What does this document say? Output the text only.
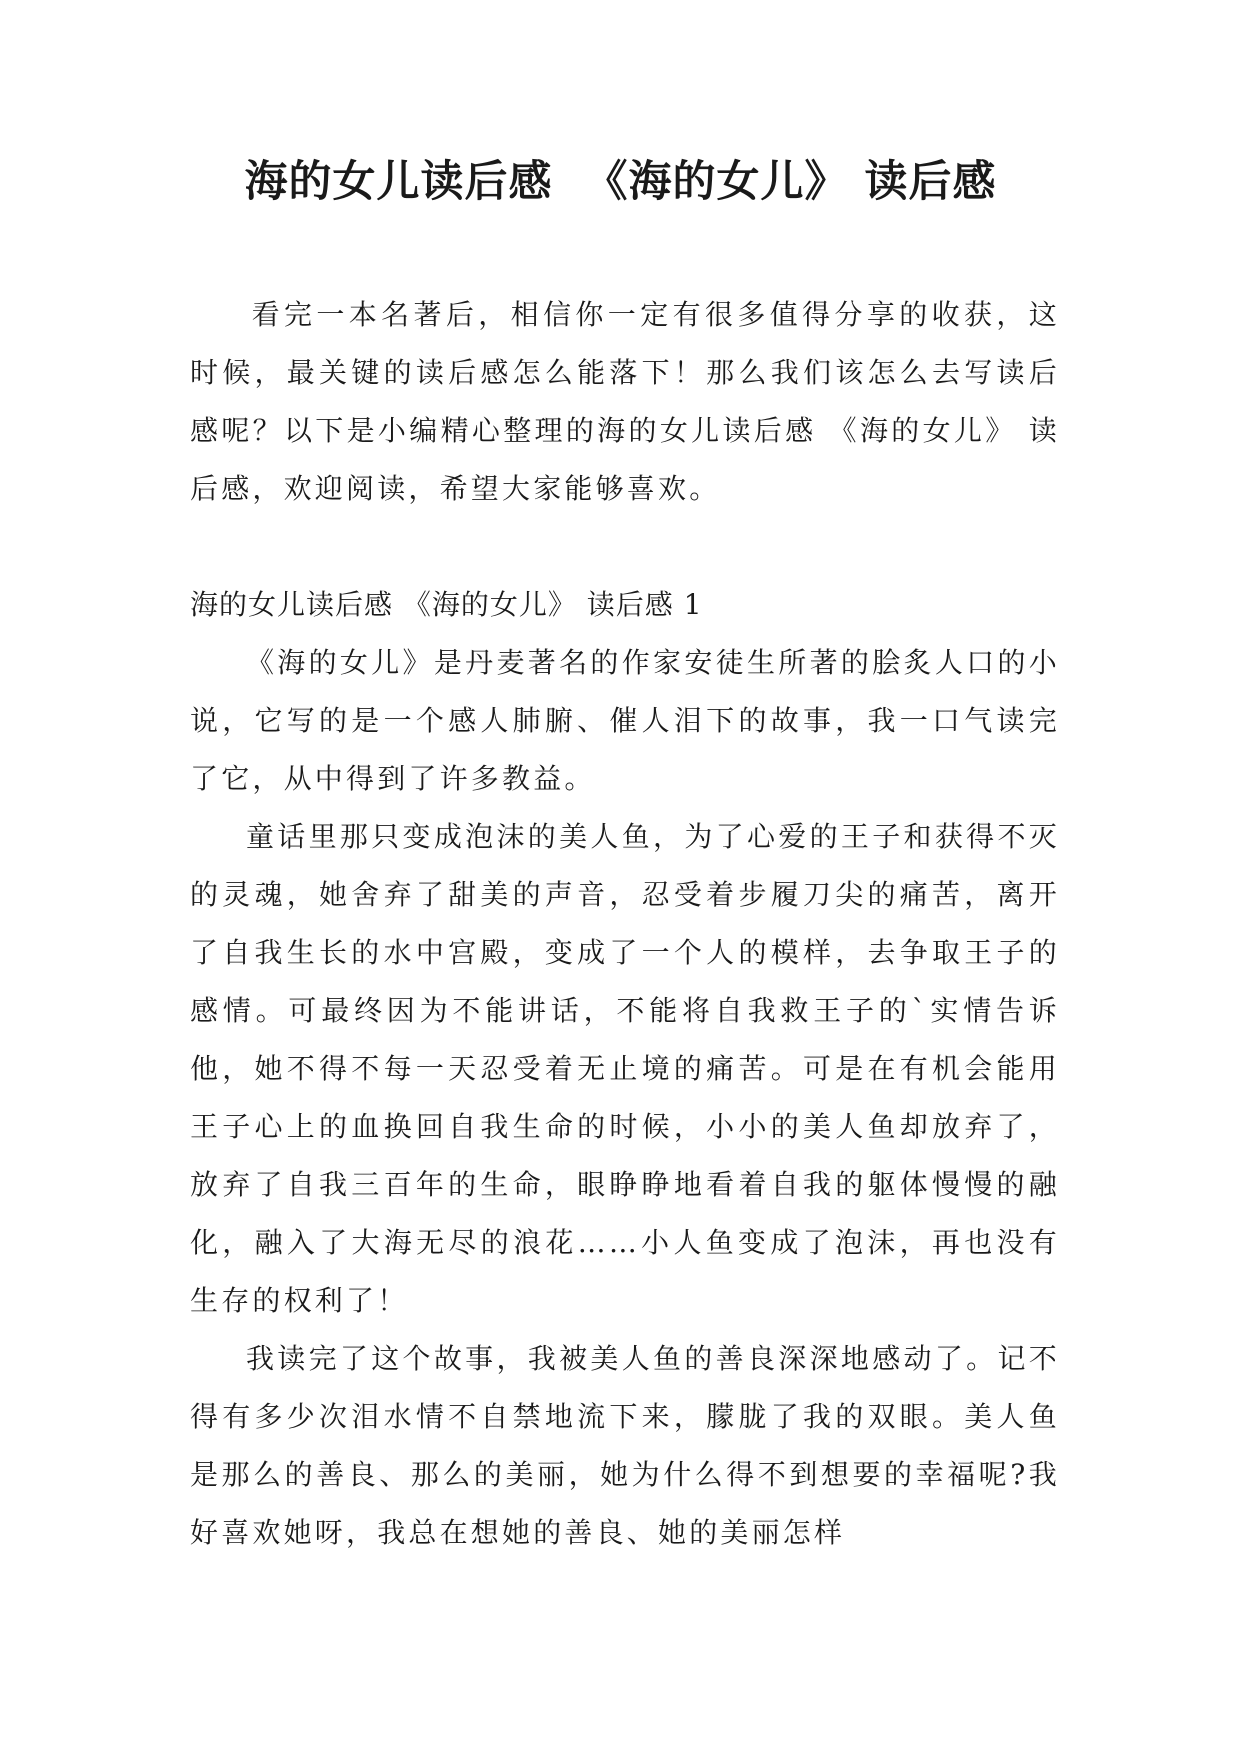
海的女儿读后感  《海的女儿》 读后感

看完一本名著后，相信你一定有很多值得分享的收获，这时候，最关键的读后感怎么能落下！那么我们该怎么去写读后感呢？以下是小编精心整理的海的女儿读后感 《海的女儿》 读后感，欢迎阅读，希望大家能够喜欢。

海的女儿读后感 《海的女儿》 读后感 1

《海的女儿》是丹麦著名的作家安徒生所著的脍炙人口的小说，它写的是一个感人肺腑、催人泪下的故事，我一口气读完了它，从中得到了许多教益。

童话里那只变成泡沫的美人鱼，为了心爱的王子和获得不灭的灵魂，她舍弃了甜美的声音，忍受着步履刀尖的痛苦，离开了自我生长的水中宫殿，变成了一个人的模样，去争取王子的感情。可最终因为不能讲话，不能将自我救王子的`实情告诉他，她不得不每一天忍受着无止境的痛苦。可是在有机会能用王子心上的血换回自我生命的时候，小小的美人鱼却放弃了，放弃了自我三百年的生命，眼睁睁地看着自我的躯体慢慢的融化，融入了大海无尽的浪花……小人鱼变成了泡沫，再也没有生存的权利了！

我读完了这个故事，我被美人鱼的善良深深地感动了。记不得有多少次泪水情不自禁地流下来，朦胧了我的双眼。美人鱼是那么的善良、那么的美丽，她为什么得不到想要的幸福呢?我好喜欢她呀，我总在想她的善良、她的美丽怎样
